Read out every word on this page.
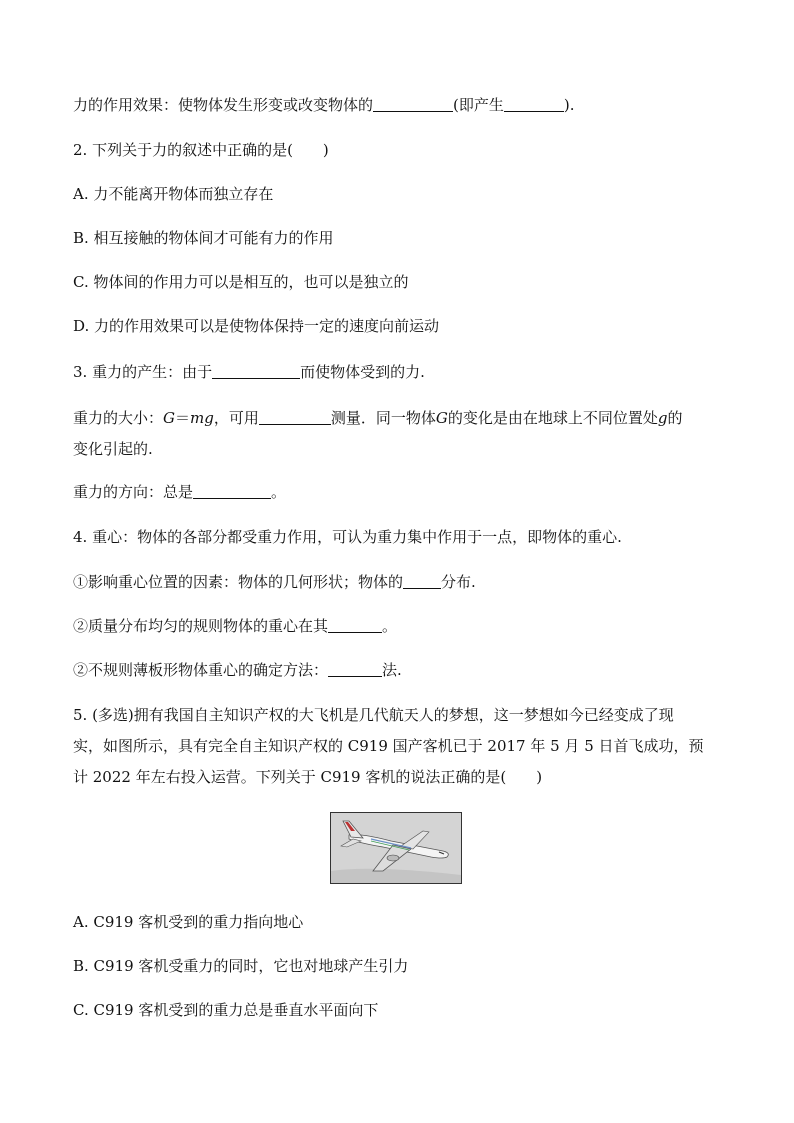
力的作用效果：使物体发生形变或改变物体的	(即产生	).
2. 下列关于力的叙述中正确的是(　　)
A. 力不能离开物体而独立存在
B. 相互接触的物体间才可能有力的作用
C. 物体间的作用力可以是相互的，也可以是独立的
D. 力的作用效果可以是使物体保持一定的速度向前运动
3. 重力的产生：由于	而使物体受到的力.
重力的大小：G＝mg，可用	测量．同一物体G的变化是由在地球上不同位置处g的
变化引起的.
重力的方向：总是	。
4. 重心：物体的各部分都受重力作用，可认为重力集中作用于一点，即物体的重心.
①影响重心位置的因素：物体的几何形状；物体的	分布.
②质量分布均匀的规则物体的重心在其	。
②不规则薄板形物体重心的确定方法：	法.
5. (多选)拥有我国自主知识产权的大飞机是几代航天人的梦想，这一梦想如今已经变成了现
实，如图所示，具有完全自主知识产权的 C919 国产客机已于 2017 年 5 月 5 日首飞成功，预
计 2022 年左右投入运营。下列关于 C919 客机的说法正确的是(　　)
A. C919 客机受到的重力指向地心
B. C919 客机受重力的同时，它也对地球产生引力
C. C919 客机受到的重力总是垂直水平面向下
